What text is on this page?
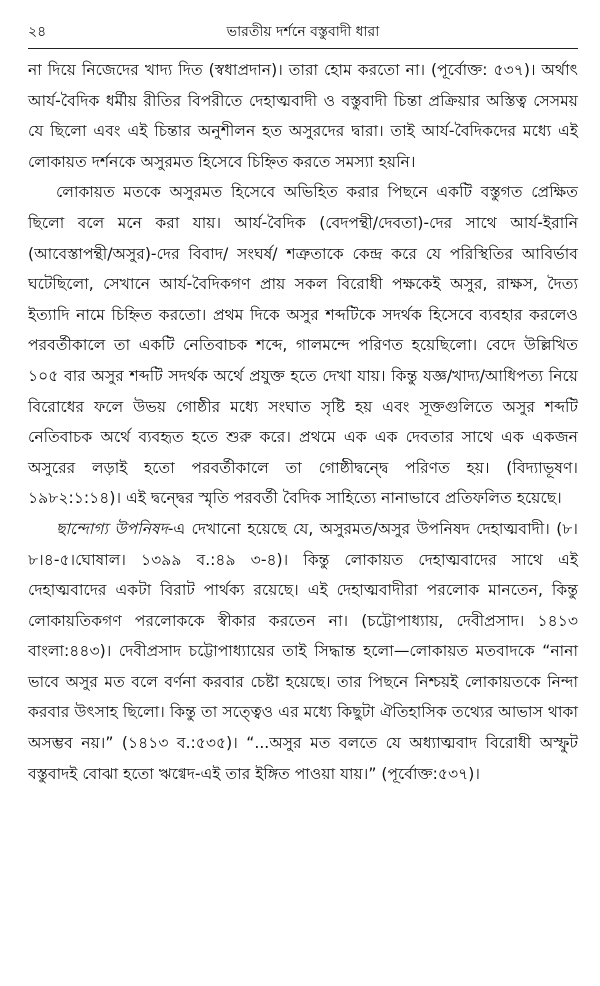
২৪	ভারতীয় দর্শনে বস্তুবাদী ধারা

না দিয়ে নিজেদের খাদ্য দিত (স্বধাপ্রদান)। তারা হোম করতো না। (পূর্বোক্ত: ৫৩৭)। অর্থাৎ আর্য-বৈদিক ধর্মীয় রীতির বিপরীতে দেহাত্মবাদী ও বস্তুবাদী চিন্তা প্রক্রিয়ার অস্তিত্ব সেসময় যে ছিলো এবং এই চিন্তার অনুশীলন হত অসুরদের দ্বারা। তাই আর্য-বৈদিকদের মধ্যে এই লোকায়ত দর্শনকে অসুরমত হিসেবে চিহ্নিত করতে সমস্যা হয়নি।

লোকায়ত মতকে অসুরমত হিসেবে অভিহিত করার পিছনে একটি বস্তুগত প্রেক্ষিত ছিলো বলে মনে করা যায়। আর্য-বৈদিক (বেদপন্থী/দেবতা)-দের সাথে আর্য-ইরানি (আবেস্তাপন্থী/অসুর)-দের বিবাদ/ সংঘর্ষ/ শত্রুতাকে কেন্দ্র করে যে পরিস্থিতির আবির্ভাব ঘটেছিলো, সেখানে আর্য-বৈদিকগণ প্রায় সকল বিরোধী পক্ষকেই অসুর, রাক্ষস, দৈত্য ইত্যাদি নামে চিহ্নিত করতো। প্রথম দিকে অসুর শব্দটিকে সদর্থক হিসেবে ব্যবহার করলেও পরবর্তীকালে তা একটি নেতিবাচক শব্দে, গালমন্দে পরিণত হয়েছিলো। বেদে উল্লিখিত ১০৫ বার অসুর শব্দটি সদর্থক অর্থে প্রযুক্ত হতে দেখা যায়। কিন্তু যজ্ঞ/খাদ্য/আধিপত্য নিয়ে বিরোধের ফলে উভয় গোষ্ঠীর মধ্যে সংঘাত সৃষ্টি হয় এবং সূক্তগুলিতে অসুর শব্দটি নেতিবাচক অর্থে ব্যবহৃত হতে শুরু করে। প্রথমে এক এক দেবতার সাথে এক একজন অসুরের লড়াই হতো পরবর্তীকালে তা গোষ্ঠীদ্বন্দ্বে পরিণত হয়। (বিদ্যাভূষণ। ১৯৮২:১:১৪)। এই দ্বন্দ্বের স্মৃতি পরবর্তী বৈদিক সাহিত্যে নানাভাবে প্রতিফলিত হয়েছে।

ছান্দোগ্য উপনিষদ-এ দেখানো হয়েছে যে, অসুরমত/অসুর উপনিষদ দেহাত্মবাদী। (৮।৮।৪-৫।ঘোষাল। ১৩৯৯ ব.:৪৯ ৩-৪)। কিন্তু লোকায়ত দেহাত্মবাদের সাথে এই দেহাত্মবাদের একটা বিরাট পার্থক্য রয়েছে। এই দেহাত্মবাদীরা পরলোক মানতেন, কিন্তু লোকায়তিকগণ পরলোককে স্বীকার করতেন না। (চট্টোপাধ্যায়, দেবীপ্রসাদ। ১৪১৩ বাংলা:৪৪৩)। দেবীপ্রসাদ চট্টোপাধ্যায়ের তাই সিদ্ধান্ত হলো—লোকায়ত মতবাদকে “নানা ভাবে অসুর মত বলে বর্ণনা করবার চেষ্টা হয়েছে। তার পিছনে নিশ্চয়ই লোকায়তকে নিন্দা করবার উৎসাহ ছিলো। কিন্তু তা সত্ত্বেও এর মধ্যে কিছুটা ঐতিহাসিক তথ্যের আভাস থাকা অসম্ভব নয়।” (১৪১৩ ব.:৫৩৫)। “...অসুর মত বলতে যে অধ্যাত্মবাদ বিরোধী অস্ফুট বস্তুবাদই বোঝা হতো ঋগ্বেদ-এই তার ইঙ্গিত পাওয়া যায়।” (পূর্বোক্ত:৫৩৭)।
